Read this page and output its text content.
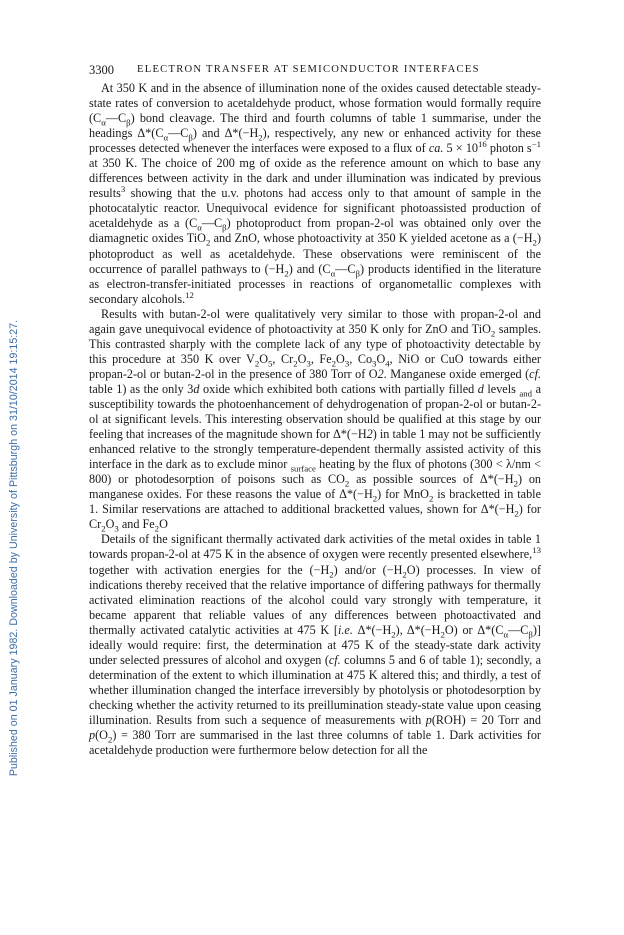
Published on 01 January 1982. Downloaded by University of Pittsburgh on 31/10/2014 19:15:27.
3300 ELECTRON TRANSFER AT SEMICONDUCTOR INTERFACES

At 350 K and in the absence of illumination none of the oxides caused detectable steady-state rates of conversion to acetaldehyde product, whose formation would formally require $(C_\alpha—C_\beta)$ bond cleavage. The third and fourth columns of table 1 summarise, under the headings $\Delta*(C_\alpha—C_\beta)$ and $\Delta*(-H_2)$, respectively, any new or enhanced activity for these processes detected whenever the interfaces were exposed to a flux of ca. $5 \times 10^{16}$ photon $s^{-1}$ at 350 K. The choice of 200 mg of oxide as the reference amount on which to base any differences between activity in the dark and under illumination was indicated by previous results$^3$ showing that the u.v. photons had access only to that amount of sample in the photocatalytic reactor. Unequivocal evidence for significant photoassisted production of acetaldehyde as a $(C_\alpha—C_\beta)$ photoproduct from propan-2-ol was obtained only over the diamagnetic oxides TiO$_2$ and ZnO, whose photoactivity at 350 K yielded acetone as a $(-H_2)$ photoproduct as well as acetaldehyde. These observations were reminiscent of the occurrence of parallel pathways to $(-H_2)$ and $(C_\alpha—C_\beta)$ products identified in the literature as electron-transfer-initiated processes in reactions of organometallic complexes with secondary alcohols.$^{12}$

Results with butan-2-ol were qualitatively very similar to those with propan-2-ol and again gave unequivocal evidence of photoactivity at 350 K only for ZnO and TiO$_2$ samples. This contrasted sharply with the complete lack of any type of photoactivity detectable by this procedure at 350 K over $V_2O_5$, $Cr_2O_3$, $Fe_2O_3$, $Co_3O_4$, NiO or CuO towards either propan-2-ol or butan-2-ol in the presence of 380 Torr of O2. Manganese oxide emerged (cf. table 1) as the only 3d oxide which exhibited both cations with partially filled d levels $_{and}$ a susceptibility towards the photoenhancement of dehydrogenation of propan-2-ol or butan-2-ol at significant levels. This interesting observation should be qualified at this stage by our feeling that increases of the magnitude shown for Δ*(−H2) in table 1 may not be sufficiently enhanced relative to the strongly temperature-dependent thermally assisted activity of this interface in the dark as to exclude minor $_{surface}$ heating by the flux of photons (300 < λ/nm < 800) or photodesorption of poisons such as $CO_2$ as possible sources of $\Delta*(-H_2)$ on manganese oxides. For these reasons the value of $\Delta*(-H_2)$ for MnO$_2$ is bracketted in table 1. Similar reservations are attached to additional bracketted values, shown for $\Delta*(-H_2)$ for $Cr_2O_3$ and $Fe_2O$

Details of the significant thermally activated dark activities of the metal oxides in table 1 towards propan-2-ol at 475 K in the absence of oxygen were recently presented elsewhere,$^{13}$ together with activation energies for the $(-H_2)$ and/or $(-H_2O)$ processes. In view of indications thereby received that the relative importance of differing pathways for thermally activated elimination reactions of the alcohol could vary strongly with temperature, it became apparent that reliable values of any differences between photoactivated and thermally activated catalytic activities at 475 K [i.e. $\Delta*(-H_2)$, $\Delta*(-H_2O)$ or $\Delta*(C_\alpha—C_\beta)$] ideally would require: first, the determination at 475 K of the steady-state dark activity under selected pressures of alcohol and oxygen (cf. columns 5 and 6 of table 1); secondly, a determination of the extent to which illumination at 475 K altered this; and thirdly, a test of whether illumination changed the interface irreversibly by photolysis or photodesorption by checking whether the activity returned to its preillumination steady-state value upon ceasing illumination. Results from such a sequence of measurements with p(ROH) = 20 Torr and $p(O_2) = 380$ Torr are summarised in the last three columns of table 1. Dark activities for acetaldehyde production were furthermore below detection for all the
